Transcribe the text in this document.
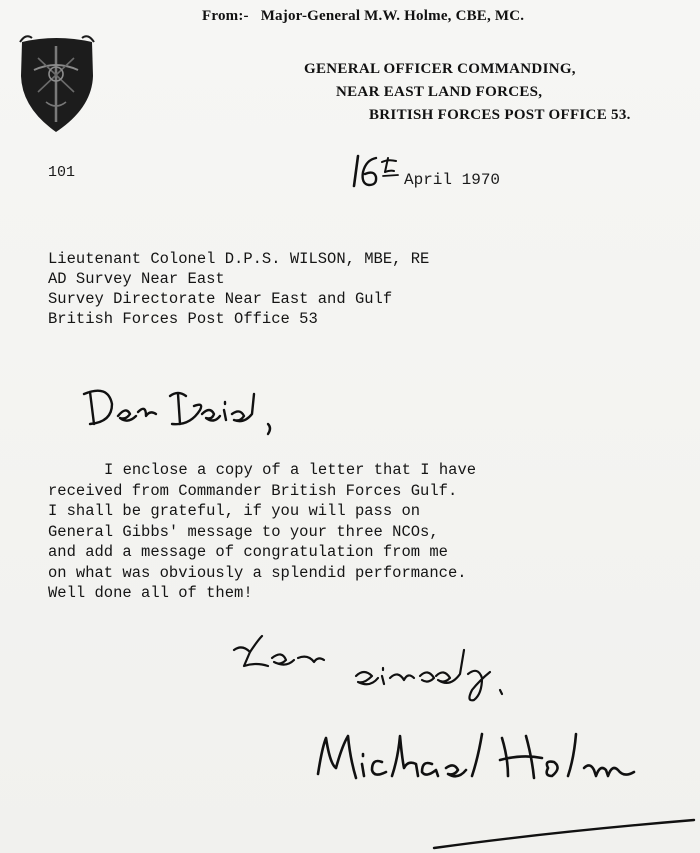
From:- Major-General M.W. Holme, CBE, MC.
GENERAL OFFICER COMMANDING,
NEAR EAST LAND FORCES,
BRITISH FORCES POST OFFICE 53.
101	April 1970
Lieutenant Colonel D.P.S. WILSON, MBE, RE
AD Survey Near East
Survey Directorate Near East and Gulf
British Forces Post Office 53
I enclose a copy of a letter that I have
received from Commander British Forces Gulf.
I shall be grateful, if you will pass on
General Gibbs' message to your three NCOs,
and add a message of congratulation from me
on what was obviously a splendid performance.
Well done all of them!
